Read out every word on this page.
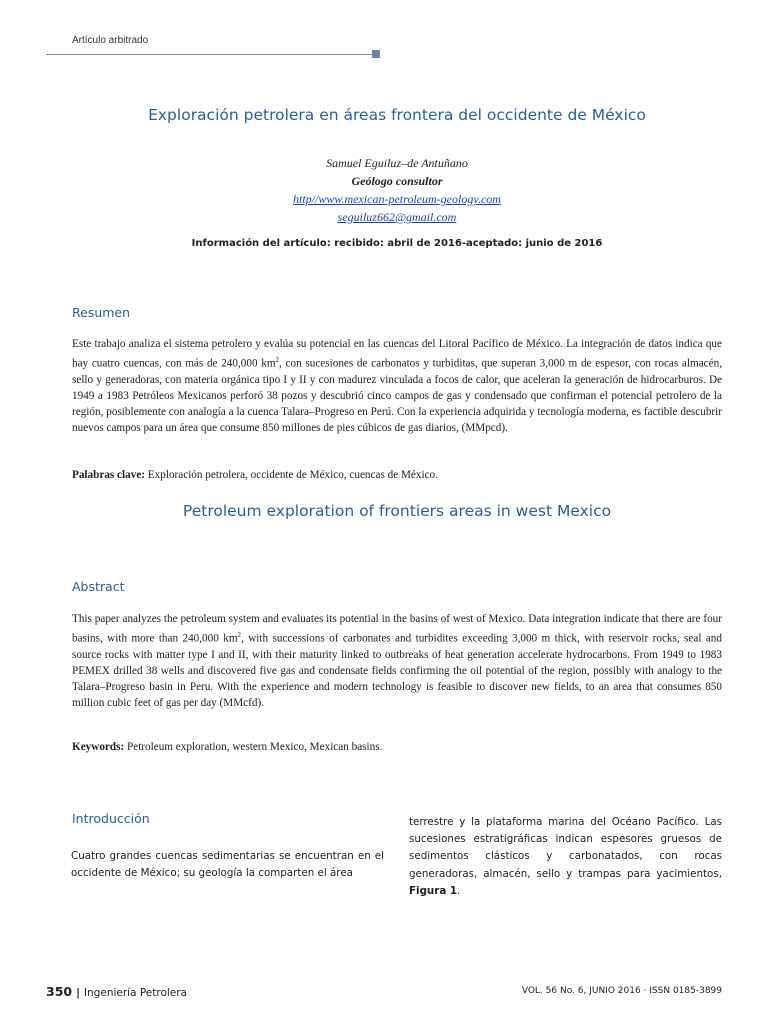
Artículo arbitrado
Exploración petrolera en áreas frontera del occidente de México
Samuel Eguiluz–de Antuñano
Geólogo consultor
http//www.mexican-petroleum-geology.com
seguiluz662@gmail.com
Información del artículo: recibido: abril de 2016-aceptado: junio de 2016
Resumen
Este trabajo analiza el sistema petrolero y evalúa su potencial en las cuencas del Litoral Pacífico de México. La integración de datos indica que hay cuatro cuencas, con más de 240,000 $km^2$, con sucesiones de carbonatos y turbiditas, que superan 3,000 m de espesor, con rocas almacén, sello y generadoras, con materia orgánica tipo I y II y con madurez vinculada a focos de calor, que aceleran la generación de hidrocarburos. De 1949 a 1983 Petróleos Mexicanos perforó 38 pozos y descubrió cinco campos de gas y condensado que confirman el potencial petrolero de la región, posiblemente con analogía a la cuenca Talara–Progreso en Perú. Con la experiencia adquirida y tecnología moderna, es factible descubrir nuevos campos para un área que consume 850 millones de pies cúbicos de gas diarios, (MMpcd).
Palabras clave: Exploración petrolera, occidente de México, cuencas de México.
Petroleum exploration of frontiers areas in west Mexico
Abstract
This paper analyzes the petroleum system and evaluates its potential in the basins of west of Mexico. Data integration indicate that there are four basins, with more than 240,000 $km^2$, with successions of carbonates and turbidites exceeding 3,000 m thick, with reservoir rocks, seal and source rocks with matter type I and II, with their maturity linked to outbreaks of heat generation accelerate hydrocarbons. From 1949 to 1983 PEMEX drilled 38 wells and discovered five gas and condensate fields confirming the oil potential of the region, possibly with analogy to the Talara–Progreso basin in Peru. With the experience and modern technology is feasible to discover new fields, to an area that consumes 850 million cubic feet of gas per day (MMcfd).
Keywords: Petroleum exploration, western Mexico, Mexican basins.
Introducción
Cuatro grandes cuencas sedimentarias se encuentran en el occidente de México; su geología la comparten el área
terrestre y la plataforma marina del Océano Pacífico. Las sucesiones estratigráficas indican espesores gruesos de sedimentos clásticos y carbonatados, con rocas generadoras, almacén, sello y trampas para yacimientos, Figura 1.
350 | Ingeniería Petrolera	VOL. 56 No. 6, JUNIO 2016 · ISSN 0185-3899
